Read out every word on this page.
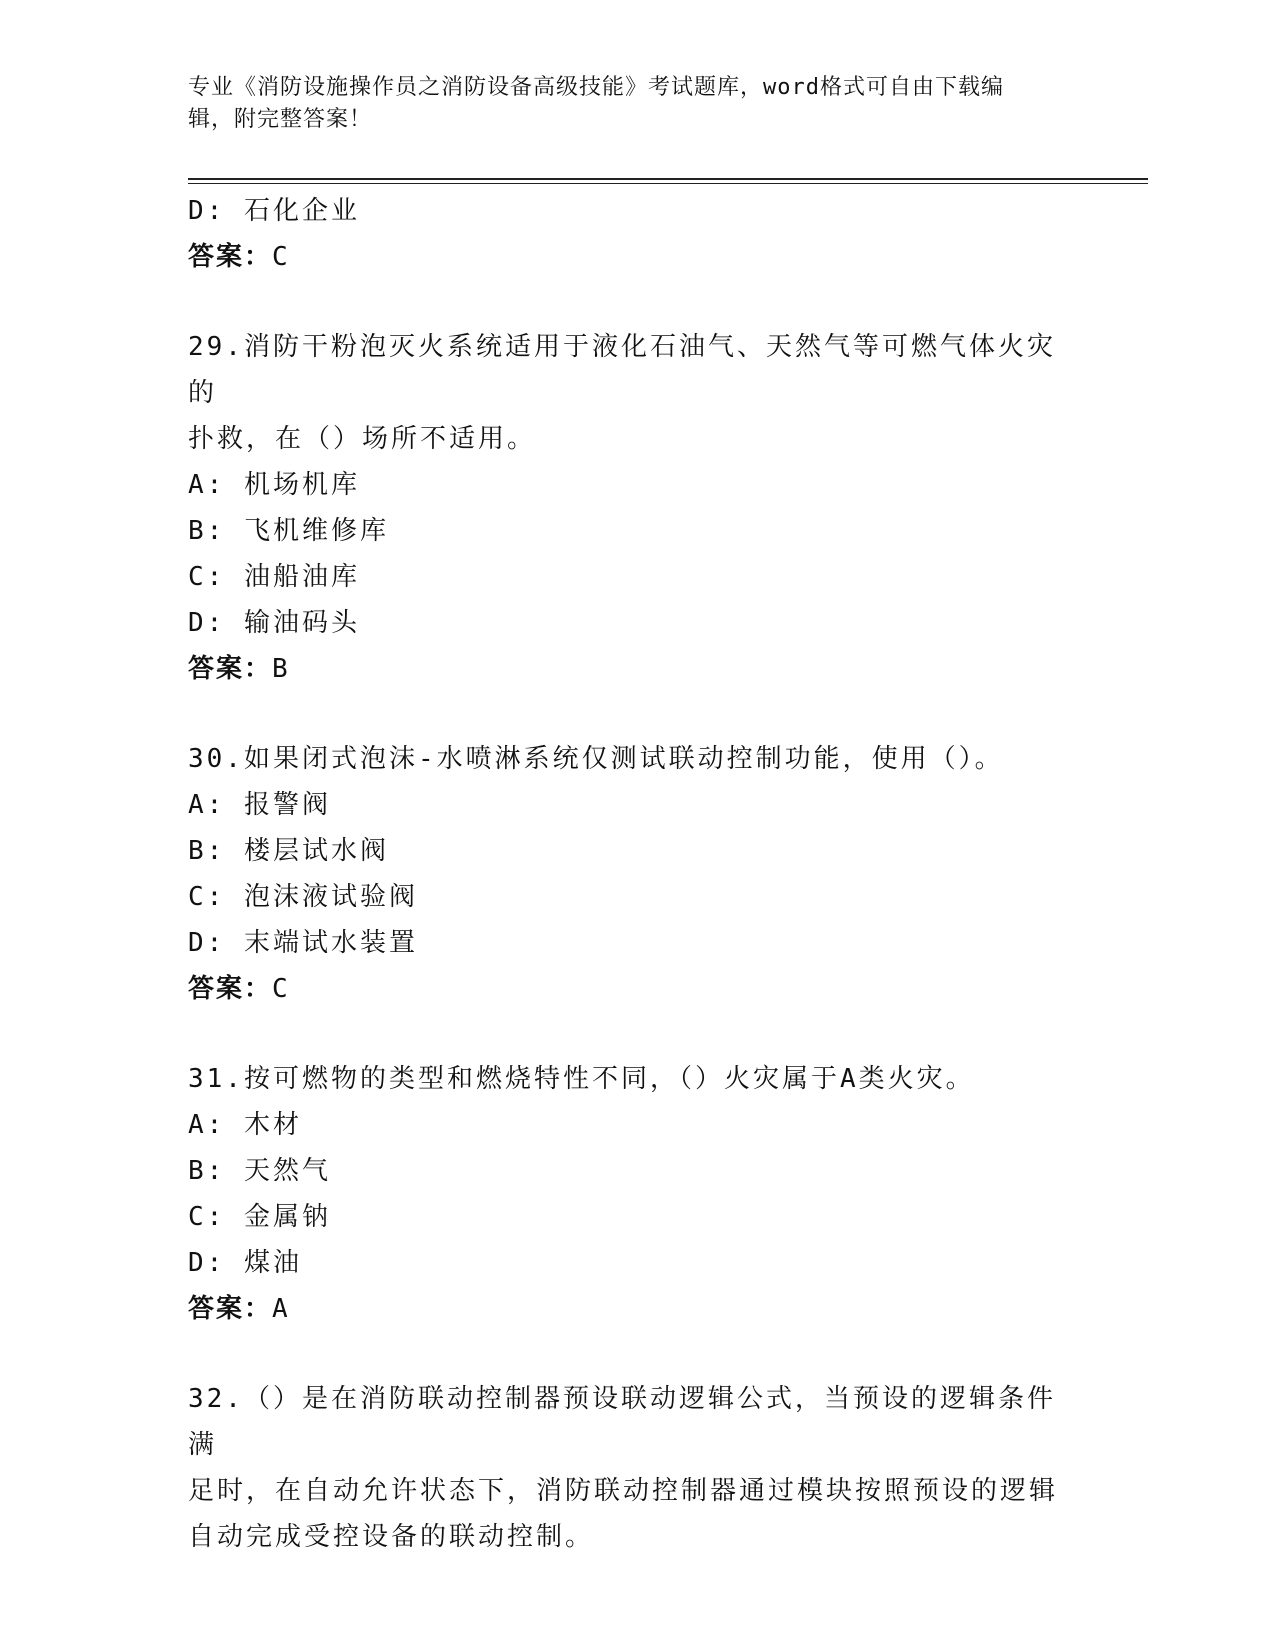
专业《消防设施操作员之消防设备高级技能》考试题库，word格式可自由下载编
辑，附完整答案！
D: 石化企业
答案：C
29.消防干粉泡灭火系统适用于液化石油气、天然气等可燃气体火灾的
扑救，在（）场所不适用。
A: 机场机库
B: 飞机维修库
C: 油船油库
D: 输油码头
答案：B
30.如果闭式泡沫-水喷淋系统仅测试联动控制功能，使用（）。
A: 报警阀
B: 楼层试水阀
C: 泡沫液试验阀
D: 末端试水装置
答案：C
31.按可燃物的类型和燃烧特性不同，（）火灾属于A类火灾。
A: 木材
B: 天然气
C: 金属钠
D: 煤油
答案：A
32.（）是在消防联动控制器预设联动逻辑公式，当预设的逻辑条件满
足时，在自动允许状态下，消防联动控制器通过模块按照预设的逻辑
自动完成受控设备的联动控制。
